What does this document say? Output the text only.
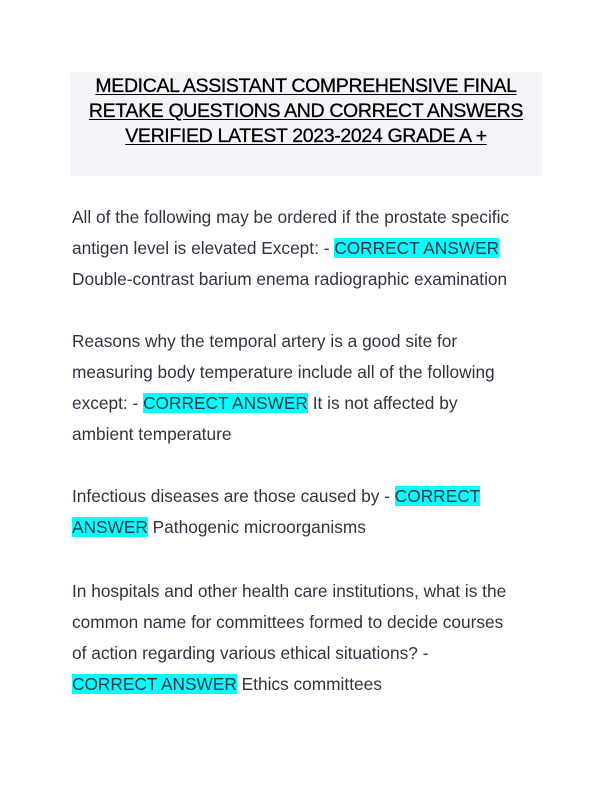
MEDICAL ASSISTANT COMPREHENSIVE FINAL
RETAKE QUESTIONS AND CORRECT ANSWERS
VERIFIED LATEST 2023-2024 GRADE A +
All of the following may be ordered if the prostate specific
antigen level is elevated Except: - CORRECT ANSWER
Double-contrast barium enema radiographic examination
Reasons why the temporal artery is a good site for
measuring body temperature include all of the following
except: - CORRECT ANSWER It is not affected by
ambient temperature
Infectious diseases are those caused by - CORRECT
ANSWER Pathogenic microorganisms
In hospitals and other health care institutions, what is the
common name for committees formed to decide courses
of action regarding various ethical situations? -
CORRECT ANSWER Ethics committees
